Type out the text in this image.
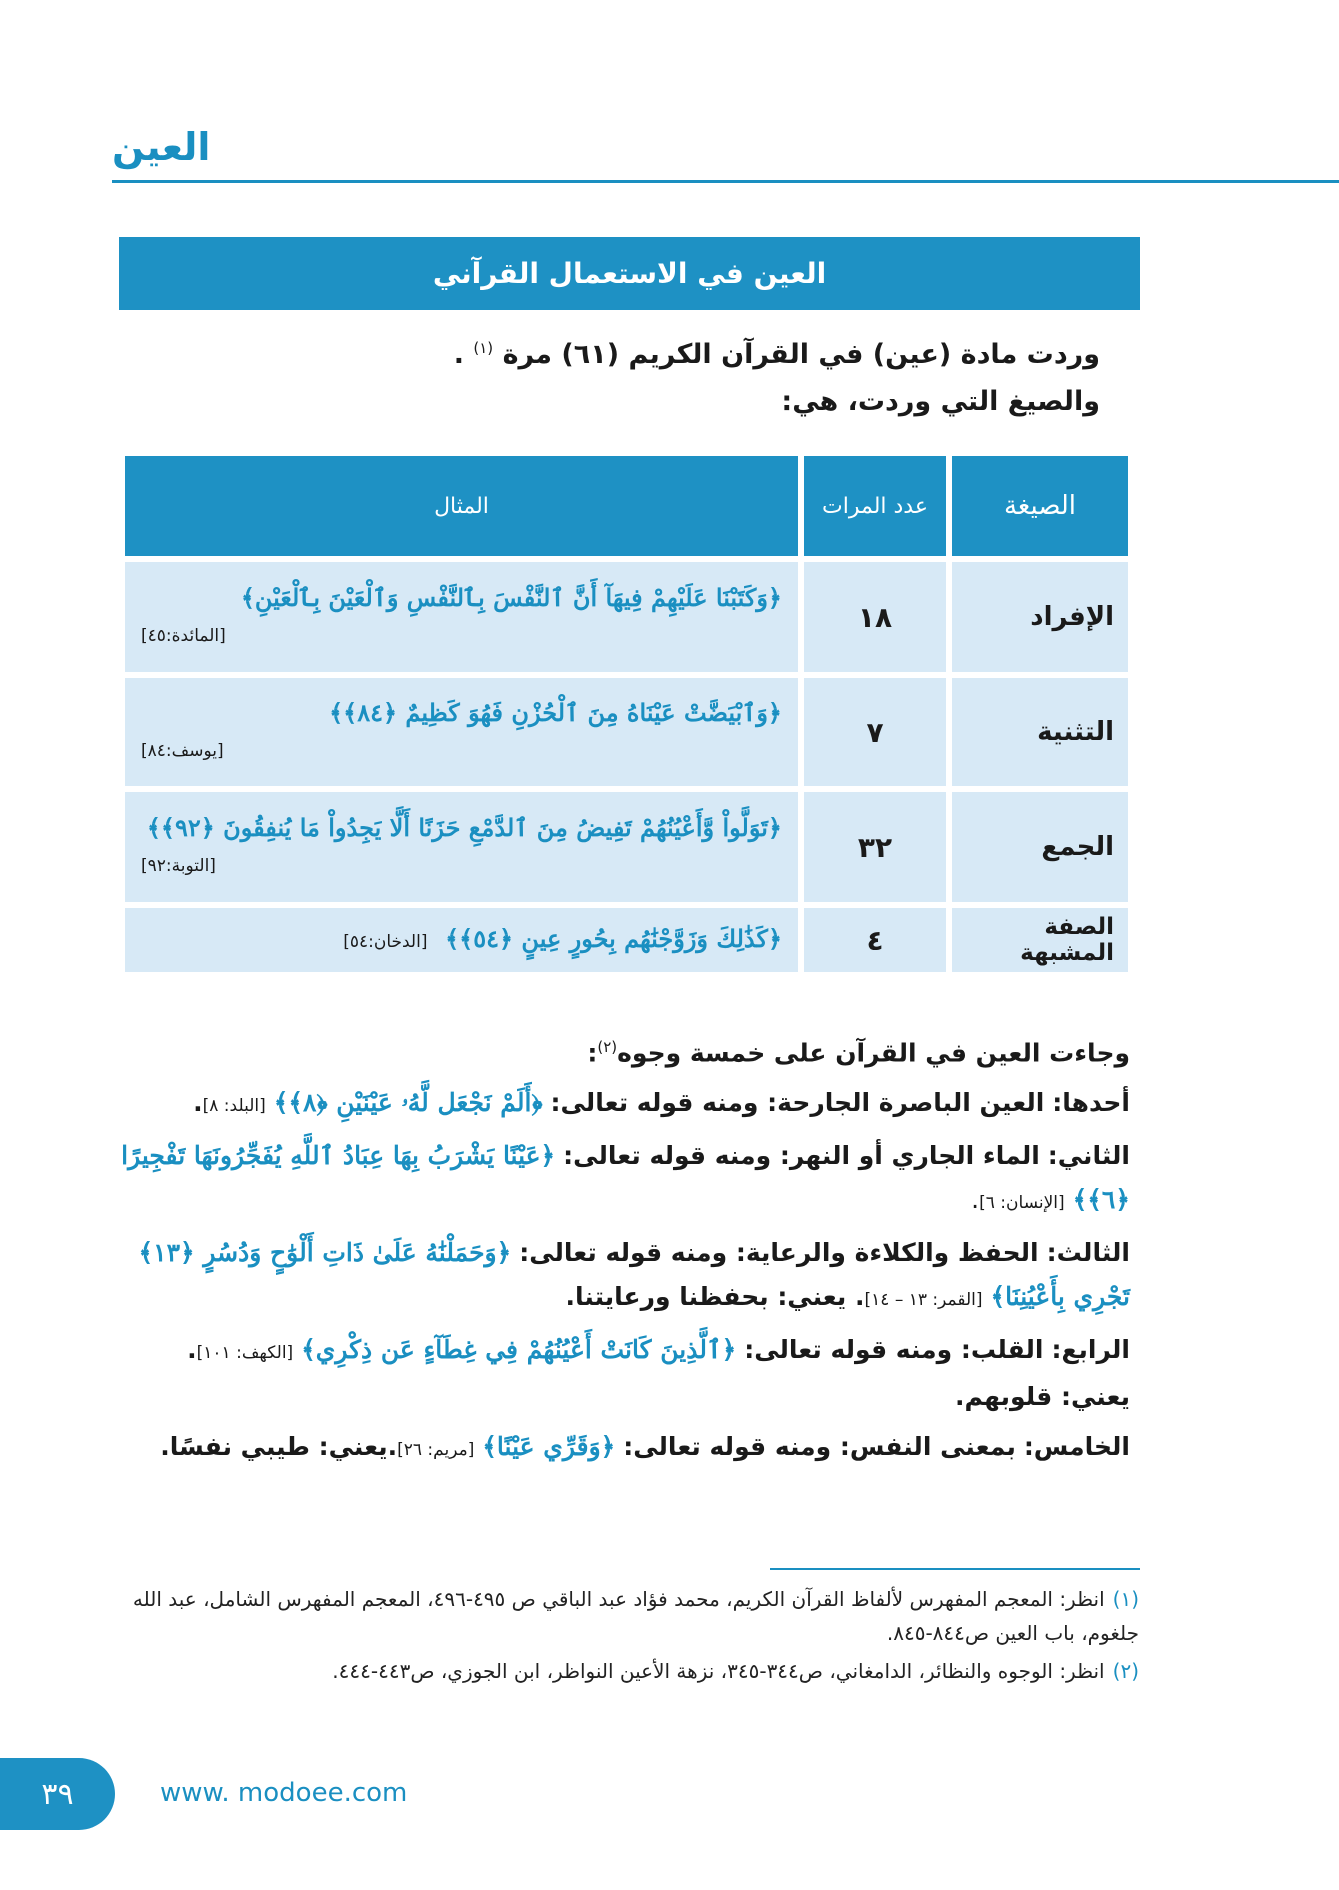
العين
العين في الاستعمال القرآني
وردت مادة (عين) في القرآن الكريم (٦١) مرة $^{(١)}$ .
والصيغ التي وردت، هي:
الصيغة	عدد المرات	المثال
الإفراد	١٨	﴿وَكَتَبْنَا عَلَيْهِمْ فِيهَآ أَنَّ ٱلنَّفْسَ بِٱلنَّفْسِ وَٱلْعَيْنَ بِٱلْعَيْنِ﴾
[المائدة:٤٥]

التثنية	٧	﴿وَٱبْيَضَّتْ عَيْنَاهُ مِنَ ٱلْحُزْنِ فَهُوَ كَظِيمٌ ﴿٨٤﴾﴾
[يوسف:٨٤]

الجمع	٣٢	﴿تَوَلَّواْ وَّأَعْيُنُهُمْ تَفِيضُ مِنَ ٱلدَّمْعِ حَزَنًا أَلَّا يَجِدُواْ مَا يُنفِقُونَ ﴿٩٢﴾﴾
[التوبة:٩٢]

الصفة المشبهة	٤	﴿كَذَٰلِكَ وَزَوَّجْنَٰهُم بِحُورٍ عِينٍ ﴿٥٤﴾﴾ [الدخان:٥٤]

وجاءت العين في القرآن على خمسة وجوه$^{(٢)}$:

أحدها: العين الباصرة الجارحة: ومنه قوله تعالى: ﴿أَلَمْ نَجْعَل لَّهُۥ عَيْنَيْنِ ﴿٨﴾﴾ [البلد: ٨].

الثاني: الماء الجاري أو النهر: ومنه قوله تعالى: ﴿عَيْنًا يَشْرَبُ بِهَا عِبَادُ ٱللَّهِ يُفَجِّرُونَهَا تَفْجِيرًا ﴿٦﴾﴾ [الإنسان: ٦].

الثالث: الحفظ والكلاءة والرعاية: ومنه قوله تعالى: ﴿وَحَمَلْنَٰهُ عَلَىٰ ذَاتِ أَلْوَٰحٍ وَدُسُرٍ ﴿١٣﴾ تَجْرِي بِأَعْيُنِنَا﴾ [القمر: ١٣ – ١٤]. يعني: بحفظنا ورعايتنا.

الرابع: القلب: ومنه قوله تعالى: ﴿ٱلَّذِينَ كَانَتْ أَعْيُنُهُمْ فِي غِطَآءٍ عَن ذِكْرِي﴾ [الكهف: ١٠١]. يعني: قلوبهم.

الخامس: بمعنى النفس: ومنه قوله تعالى: ﴿وَقَرِّي عَيْنًا﴾ [مريم: ٢٦].يعني: طيبي نفسًا.

(١)انظر: المعجم المفهرس لألفاظ القرآن الكريم، محمد فؤاد عبد الباقي ص ٤٩٥-٤٩٦، المعجم المفهرس الشامل، عبد الله جلغوم، باب العين ص٨٤٤-٨٤٥.

(٢)انظر: الوجوه والنظائر، الدامغاني، ص٣٤٤-٣٤٥، نزهة الأعين النواظر، ابن الجوزي، ص٤٤٣-٤٤٤.

٣٩	www. modoee.com
